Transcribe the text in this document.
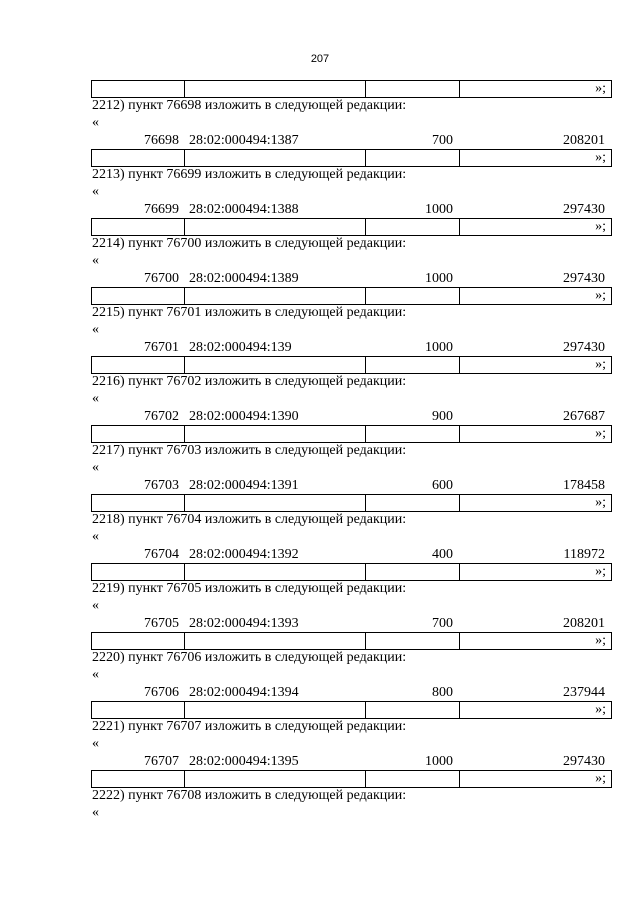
207
			»;
2212) пункт 76698 изложить в следующей редакции:
«
76698 28:02:000494:1387	700	208201
			»;
2213) пункт 76699 изложить в следующей редакции:
«
76699 28:02:000494:1388	1000	297430
			»;
2214) пункт 76700 изложить в следующей редакции:
«
76700 28:02:000494:1389	1000	297430
			»;
2215) пункт 76701 изложить в следующей редакции:
«
76701 28:02:000494:139	1000	297430
			»;
2216) пункт 76702 изложить в следующей редакции:
«
76702 28:02:000494:1390	900	267687
			»;
2217) пункт 76703 изложить в следующей редакции:
«
76703 28:02:000494:1391	600	178458
			»;
2218) пункт 76704 изложить в следующей редакции:
«
76704 28:02:000494:1392	400	118972
			»;
2219) пункт 76705 изложить в следующей редакции:
«
76705 28:02:000494:1393	700	208201
			»;
2220) пункт 76706 изложить в следующей редакции:
«
76706 28:02:000494:1394	800	237944
			»;
2221) пункт 76707 изложить в следующей редакции:
«
76707 28:02:000494:1395	1000	297430
			»;
2222) пункт 76708 изложить в следующей редакции:
«
